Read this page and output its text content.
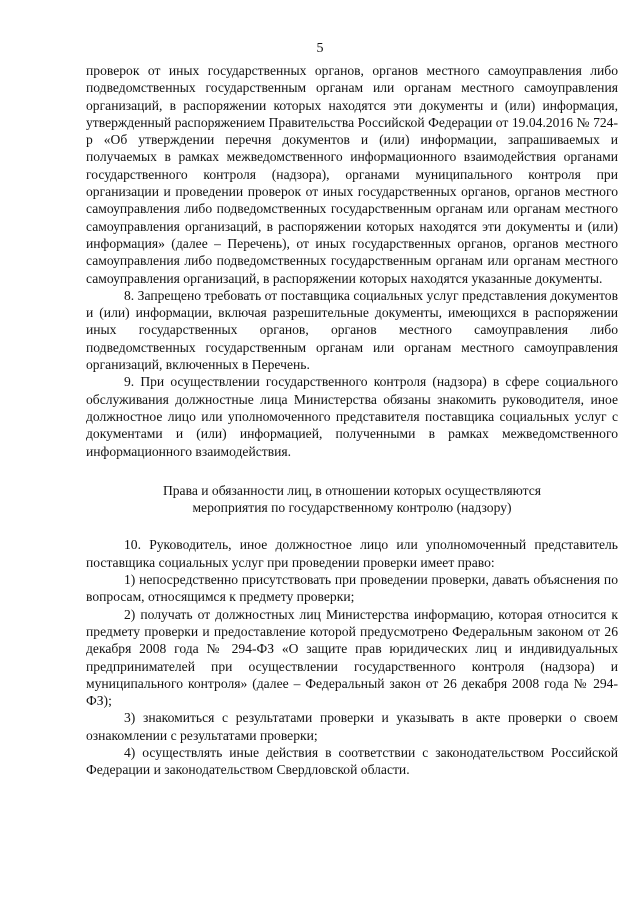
5

проверок от иных государственных органов, органов местного самоуправления либо подведомственных государственным органам или органам местного самоуправления организаций, в распоряжении которых находятся эти документы и (или) информация, утвержденный распоряжением Правительства Российской Федерации от 19.04.2016 № 724-р «Об утверждении перечня документов и (или) информации, запрашиваемых и получаемых в рамках межведомственного информационного взаимодействия органами государственного контроля (надзора), органами муниципального контроля при организации и проведении проверок от иных государственных органов, органов местного самоуправления либо подведомственных государственным органам или органам местного самоуправления организаций, в распоряжении которых находятся эти документы и (или) информация» (далее – Перечень), от иных государственных органов, органов местного самоуправления либо подведомственных государственным органам или органам местного самоуправления организаций, в распоряжении которых находятся указанные документы.

8. Запрещено требовать от поставщика социальных услуг представления документов и (или) информации, включая разрешительные документы, имеющихся в распоряжении иных государственных органов, органов местного самоуправления либо подведомственных государственным органам или органам местного самоуправления организаций, включенных в Перечень.

9. При осуществлении государственного контроля (надзора) в сфере социального обслуживания должностные лица Министерства обязаны знакомить руководителя, иное должностное лицо или уполномоченного представителя поставщика социальных услуг с документами и (или) информацией, полученными в рамках межведомственного информационного взаимодействия.

Права и обязанности лиц, в отношении которых осуществляются
мероприятия по государственному контролю (надзору)

10. Руководитель, иное должностное лицо или уполномоченный представитель поставщика социальных услуг при проведении проверки имеет право:

1) непосредственно присутствовать при проведении проверки, давать объяснения по вопросам, относящимся к предмету проверки;

2) получать от должностных лиц Министерства информацию, которая относится к предмету проверки и предоставление которой предусмотрено Федеральным законом от 26 декабря 2008 года № 294-ФЗ «О защите прав юридических лиц и индивидуальных предпринимателей при осуществлении государственного контроля (надзора) и муниципального контроля» (далее – Федеральный закон от 26 декабря 2008 года № 294-ФЗ);

3) знакомиться с результатами проверки и указывать в акте проверки о своем ознакомлении с результатами проверки;

4) осуществлять иные действия в соответствии с законодательством Российской Федерации и законодательством Свердловской области.
